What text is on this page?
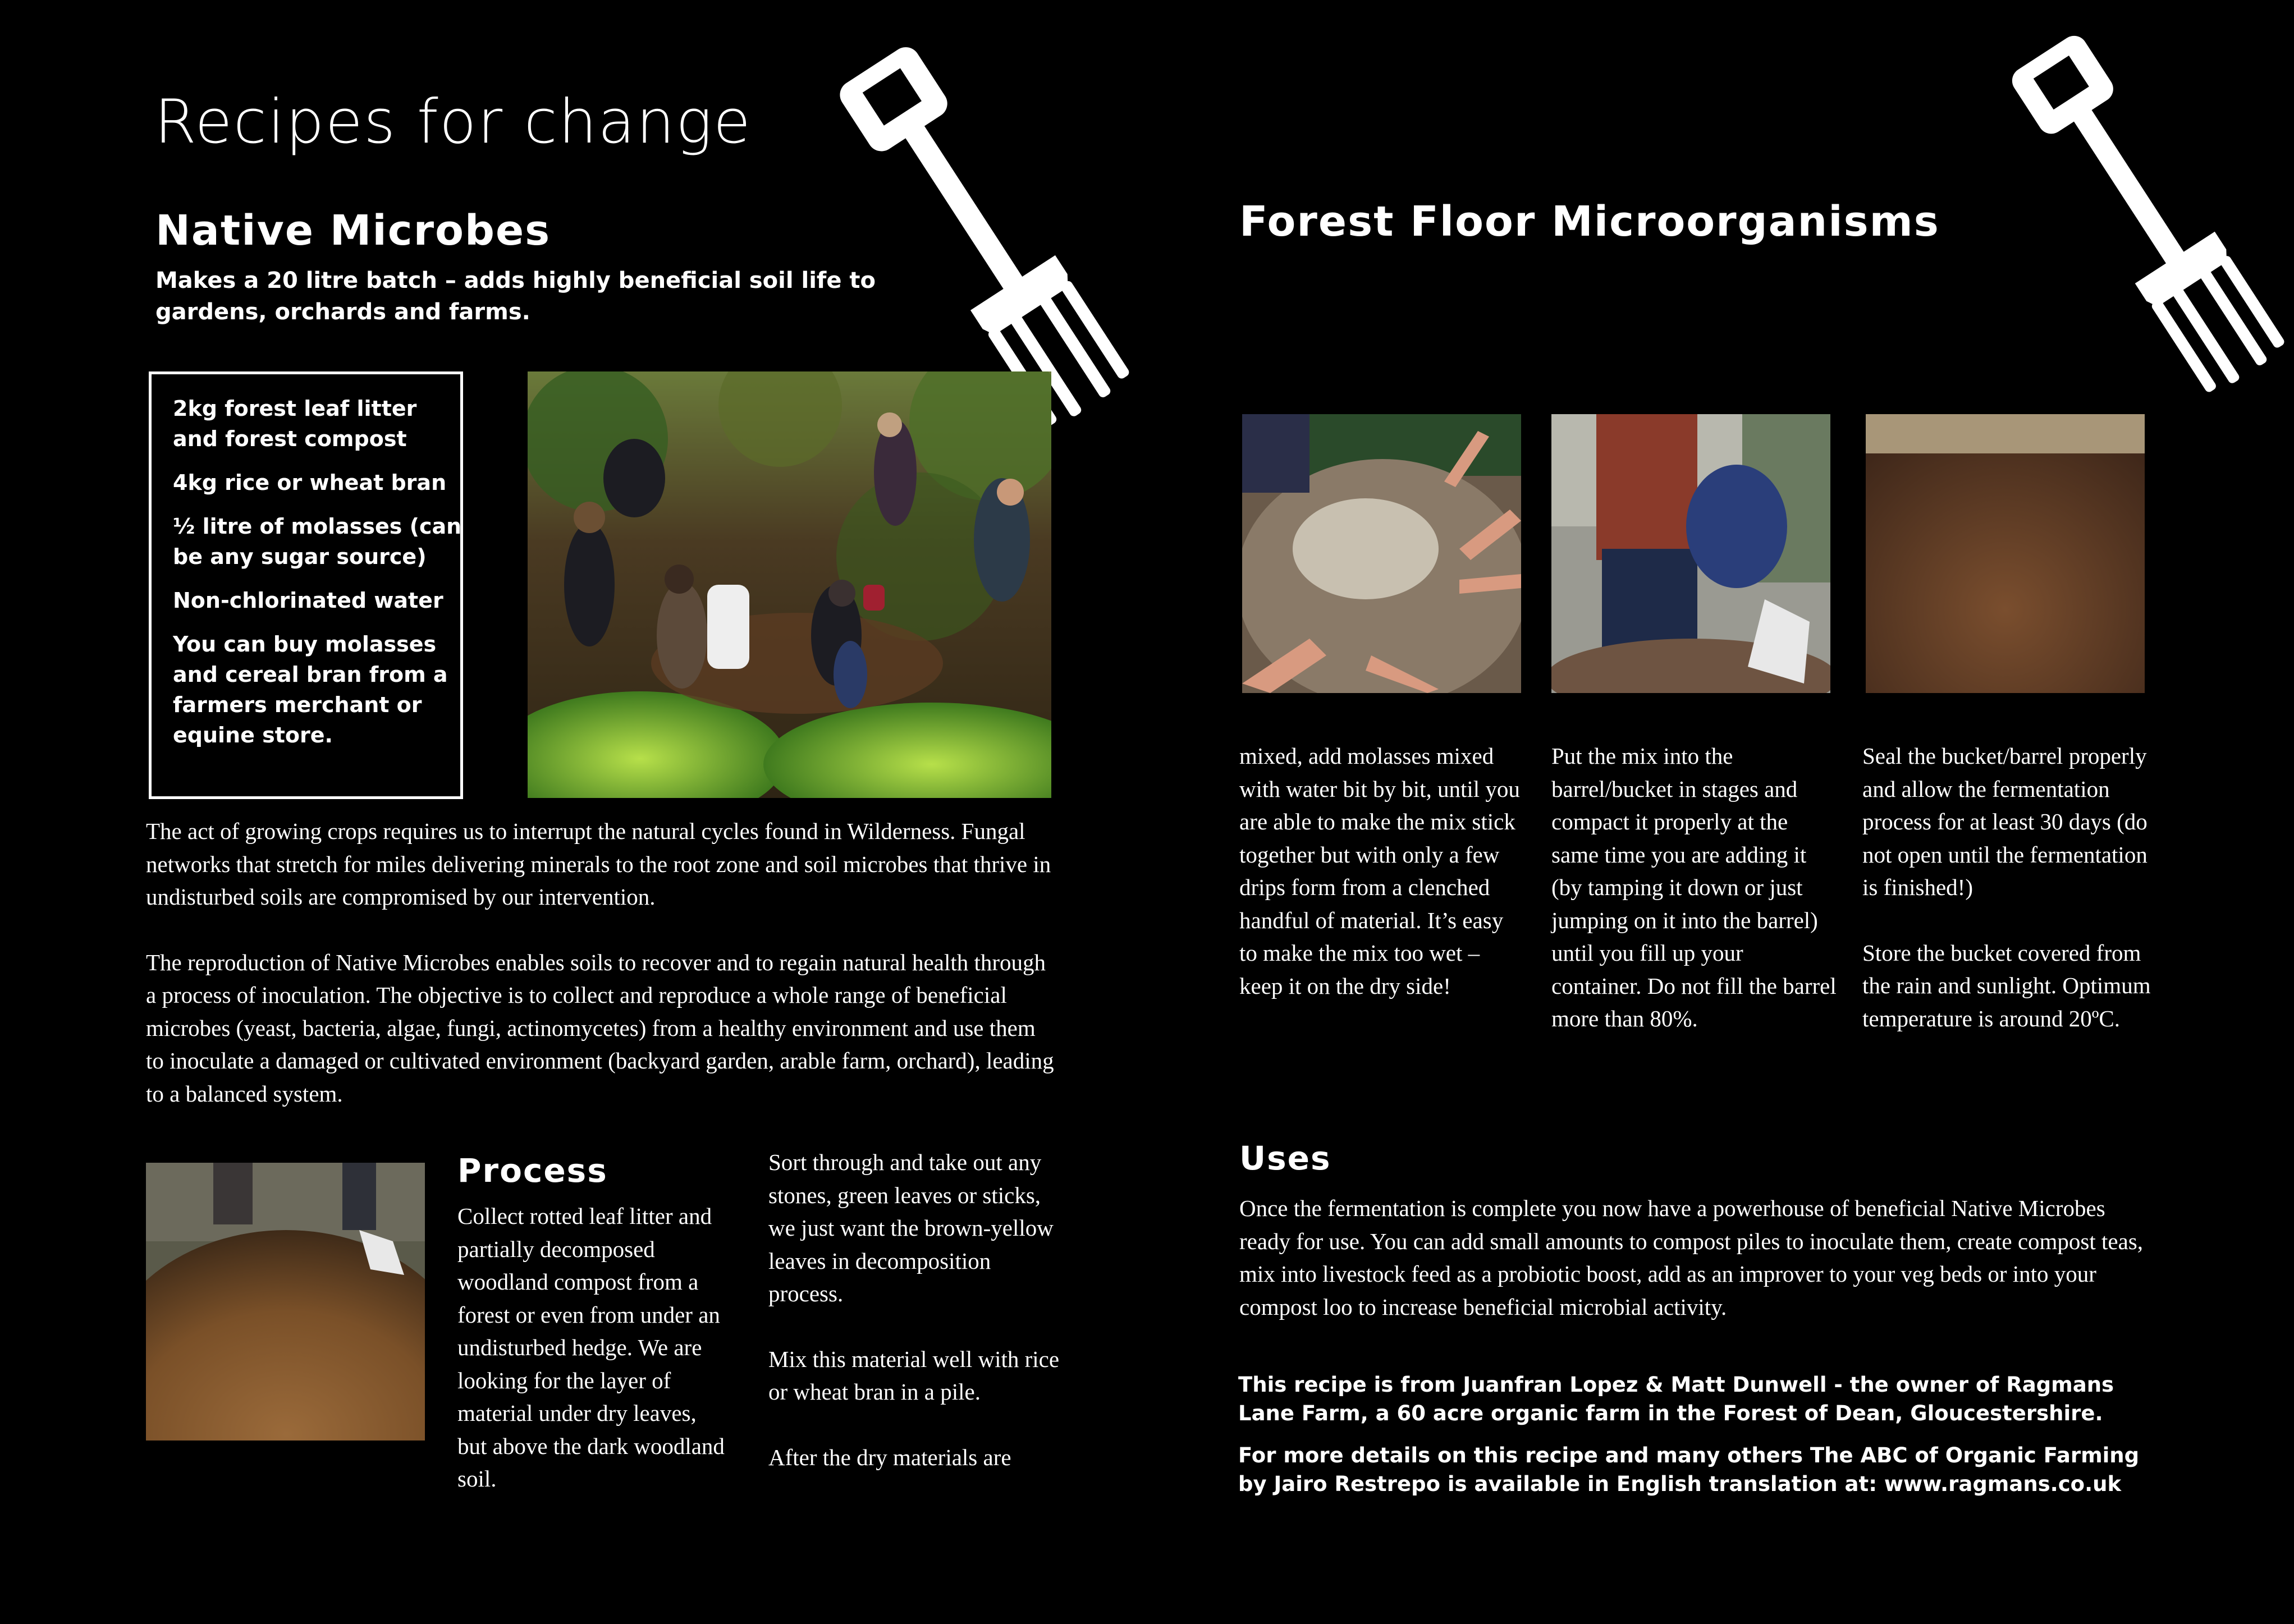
Recipes for change
Native Microbes
Makes a 20 litre batch – adds highly beneficial soil life to gardens, orchards and farms.
2kg forest leaf litter and forest compost
4kg rice or wheat bran
½ litre of molasses (can be any sugar source)
Non-chlorinated water
You can buy molasses and cereal bran from a farmers merchant or equine store.

The act of growing crops requires us to interrupt the natural cycles found in Wilderness. Fungal networks that stretch for miles delivering minerals to the root zone and soil microbes that thrive in undisturbed soils are compromised by our intervention.

The reproduction of Native Microbes enables soils to recover and to regain natural health through a process of inoculation. The objective is to collect and reproduce a whole range of beneficial microbes (yeast, bacteria, algae, fungi, actinomycetes) from a healthy environment and use them to inoculate a damaged or cultivated environment (backyard garden, arable farm, orchard), leading to a balanced system.

Process

Collect rotted leaf litter and partially decomposed woodland compost from a forest or even from under an undisturbed hedge. We are looking for the layer of material under dry leaves, but above the dark woodland soil.

Sort through and take out any stones, green leaves or sticks, we just want the brown-yellow leaves in decomposition process.

Mix this material well with rice or wheat bran in a pile.

After the dry materials are

Forest Floor Microorganisms

mixed, add molasses mixed with water bit by bit, until you are able to make the mix stick together but with only a few drips form from a clenched handful of material. It’s easy to make the mix too wet – keep it on the dry side!

Put the mix into the barrel/bucket in stages and compact it properly at the same time you are adding it (by tamping it down or just jumping on it into the barrel) until you fill up your container. Do not fill the barrel more than 80%.

Seal the bucket/barrel properly and allow the fermentation process for at least 30 days (do not open until the fermentation is finished!)

Store the bucket covered from the rain and sunlight. Optimum temperature is around 20ºC.

Uses

Once the fermentation is complete you now have a powerhouse of beneficial Native Microbes ready for use. You can add small amounts to compost piles to inoculate them, create compost teas, mix into livestock feed as a probiotic boost, add as an improver to your veg beds or into your compost loo to increase beneficial microbial activity.

This recipe is from Juanfran Lopez & Matt Dunwell - the owner of Ragmans Lane Farm, a 60 acre organic farm in the Forest of Dean, Gloucestershire.

For more details on this recipe and many others The ABC of Organic Farming by Jairo Restrepo is available in English translation at: www.ragmans.co.uk
